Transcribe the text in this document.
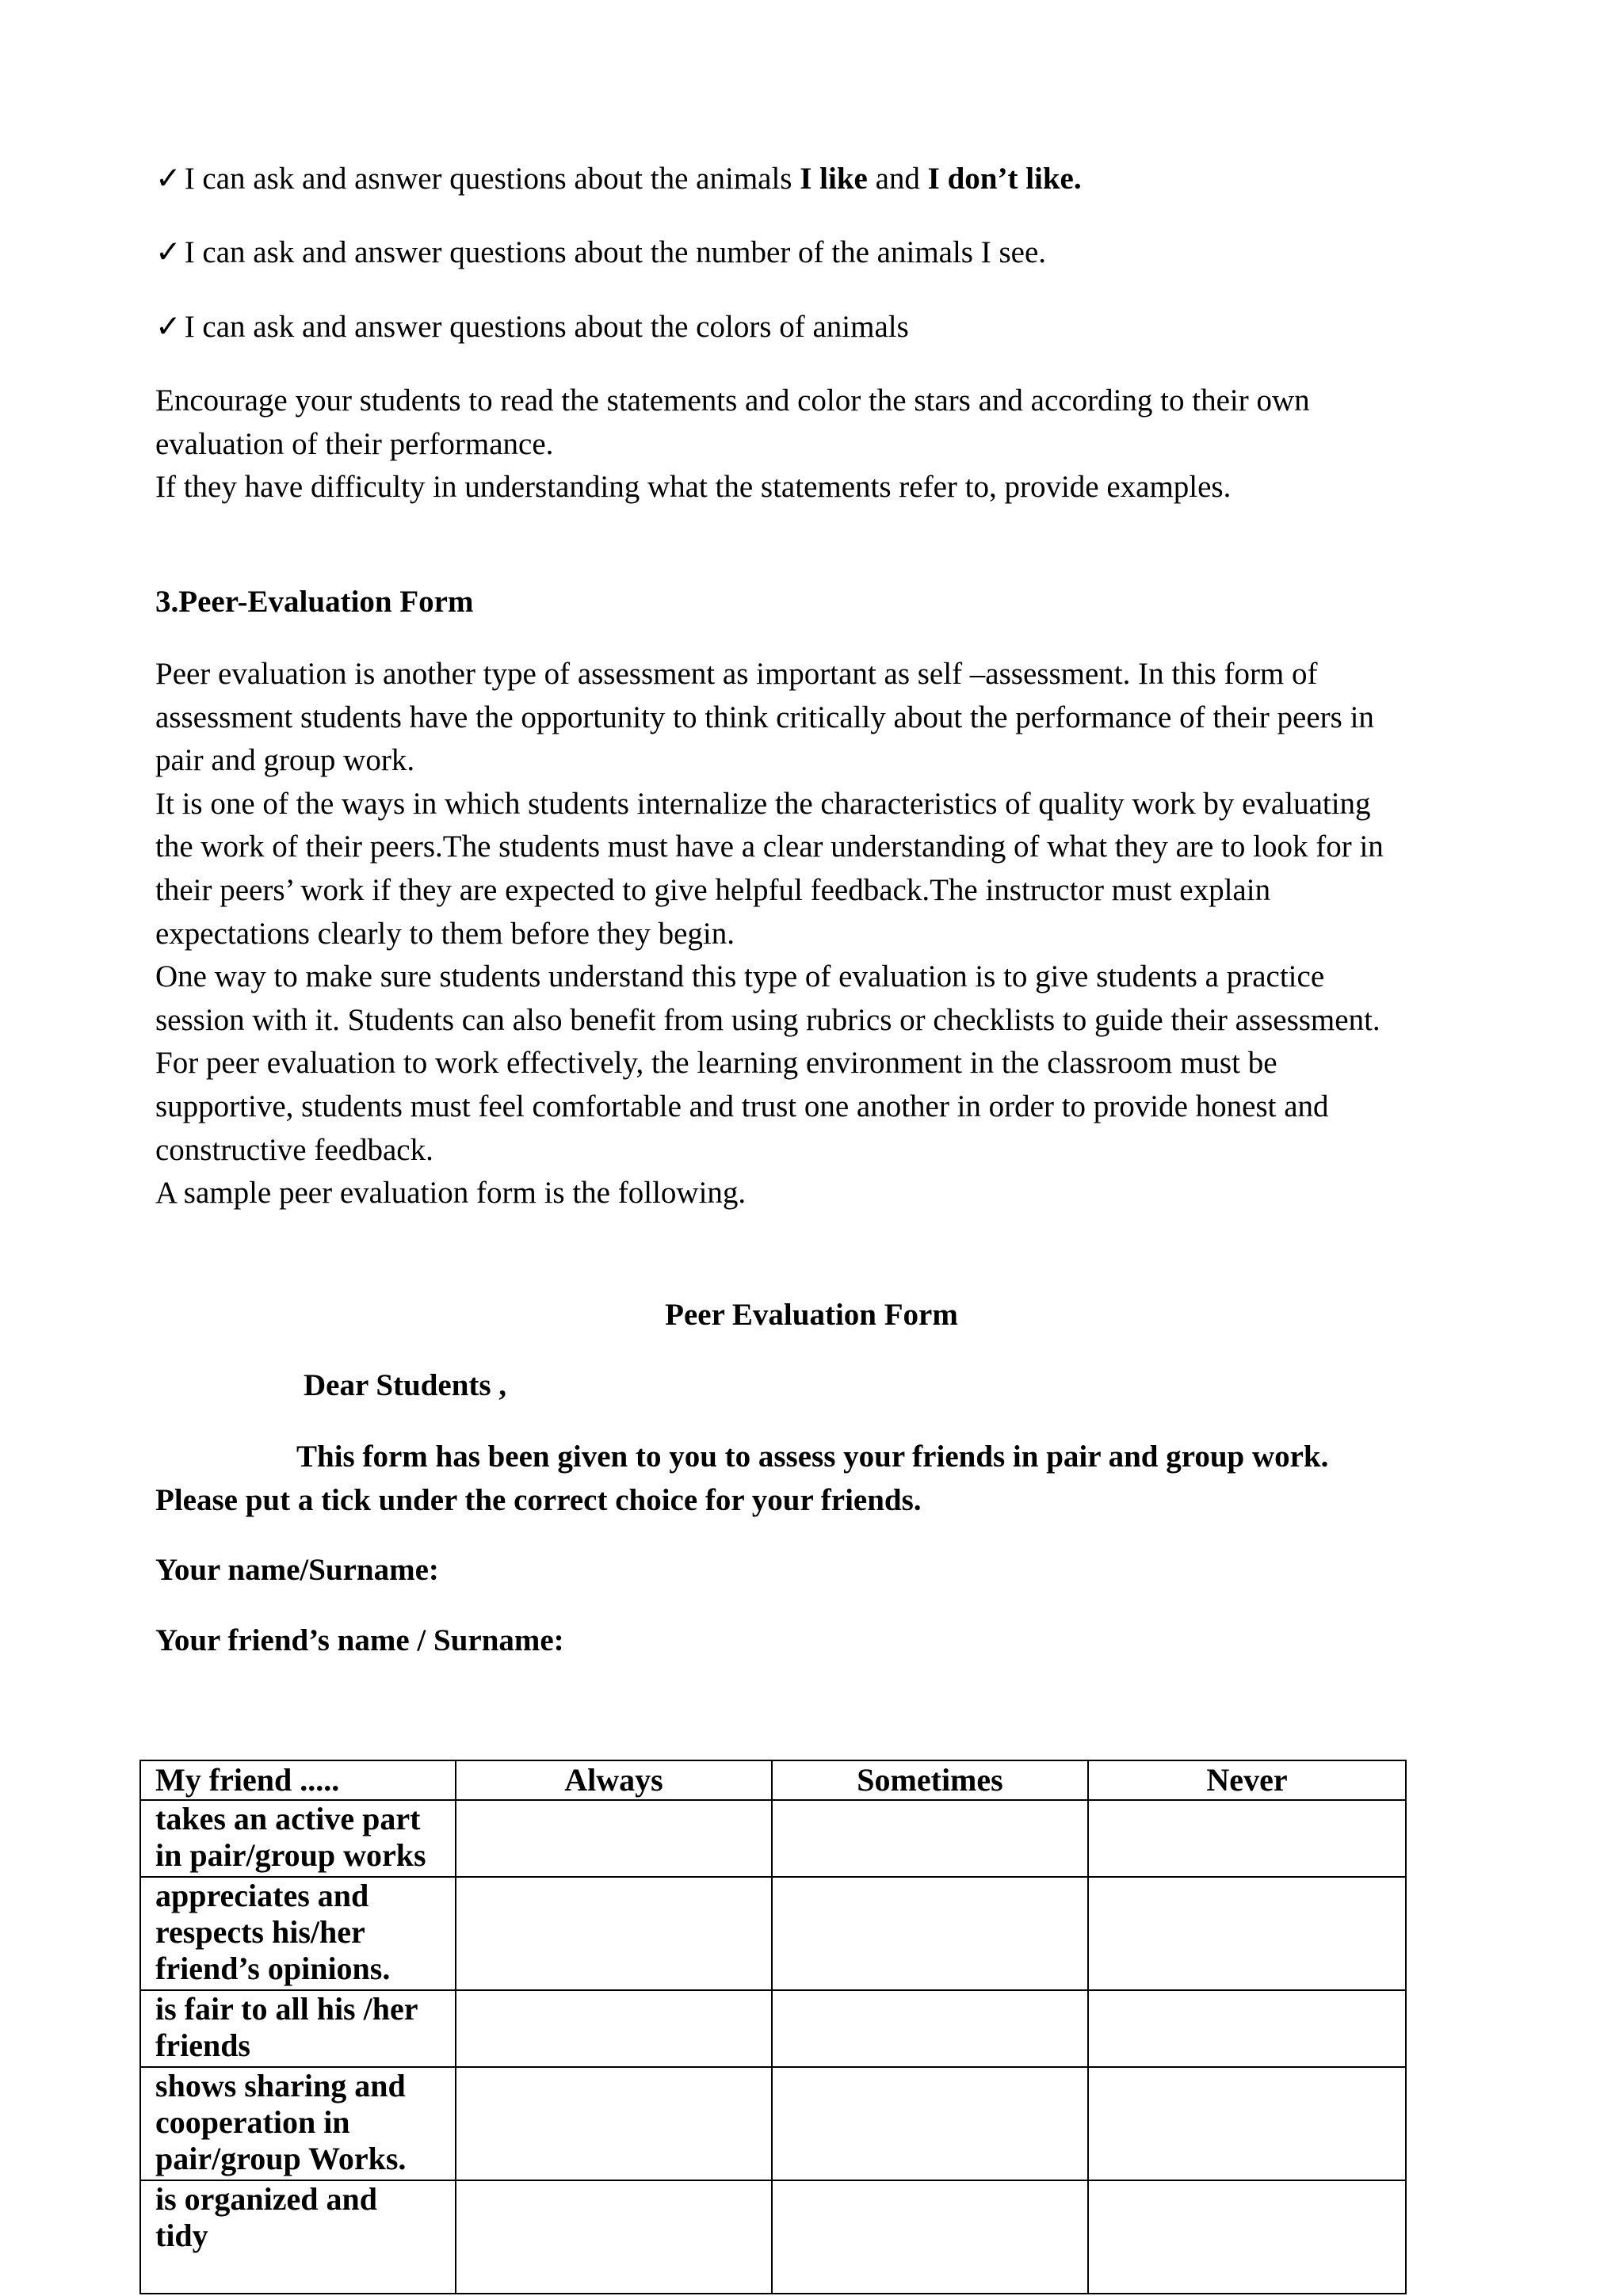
✓ I can ask and asnwer questions about the animals I like and I don’t like.
✓ I can ask and answer questions about the number of the animals I see.
✓ I can ask and answer questions about the colors of animals

Encourage your students to read the statements and color the stars and according to their own

evaluation of their performance.

If they have difficulty in understanding what the statements refer to, provide examples.

3.Peer-Evaluation Form

Peer evaluation is another type of assessment as important as self –assessment. In this form of

assessment students have the opportunity to think critically about the performance of their peers in

pair and group work.

It is one of the ways in which students internalize the characteristics of quality work by evaluating

the work of their peers.The students must have a clear understanding of what they are to look for in

their peers’ work if they are expected to give helpful feedback.The instructor must explain

expectations clearly to them before they begin.

One way to make sure students understand this type of evaluation is to give students a practice

session with it. Students can also benefit from using rubrics or checklists to guide their assessment.

For peer evaluation to work effectively, the learning environment in the classroom must be

supportive, students must feel comfortable and trust one another in order to provide honest and

constructive feedback.

A sample peer evaluation form is the following.

Peer Evaluation Form
Dear Students ,
This form has been given to you to assess your friends in pair and group work.
Please put a tick under the correct choice for your friends.
Your name/Surname:
Your friend’s name / Surname:
My friend .....	Always	Sometimes	Never

takes an active part
in pair/group works			

appreciates and
respects his/her
friend’s opinions.			

is fair to all his /her
friends			

shows sharing and
cooperation in
pair/group Works.			

is organized and
tidy			
